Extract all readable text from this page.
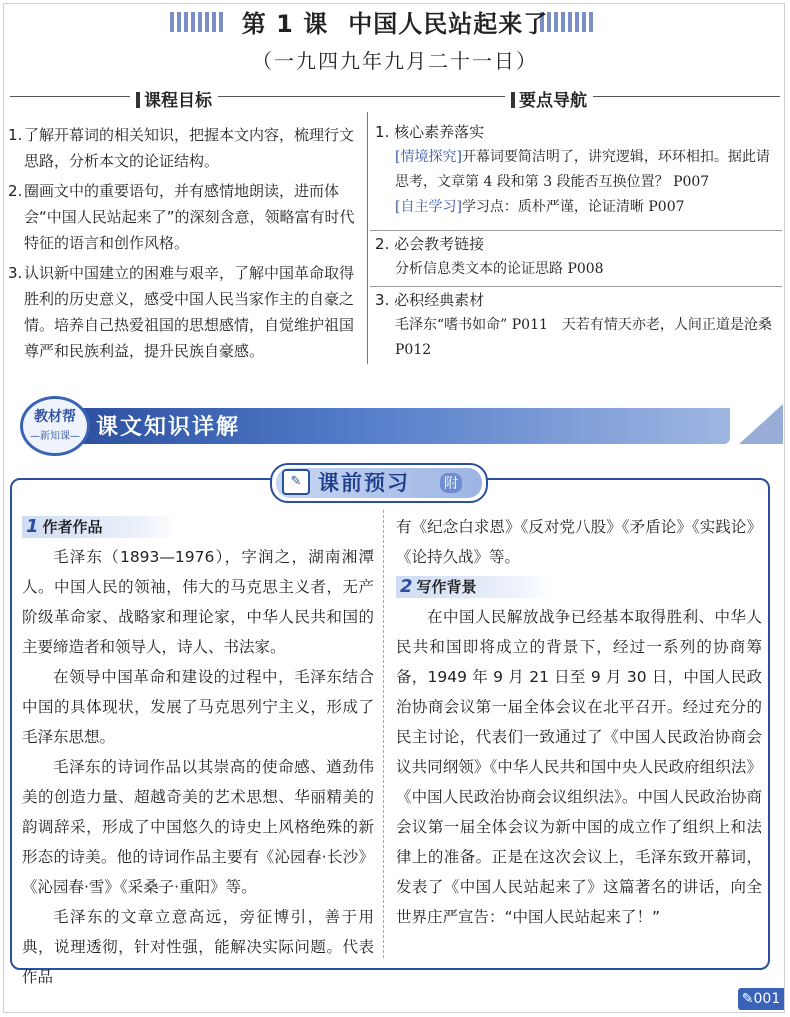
第 1 课 中国人民站起来了
（一九四九年九月二十一日）
课程目标	要点导航
1. 了解开幕词的相关知识，把握本文内容，梳理行文思路，分析本文的论证结构。
2. 圈画文中的重要语句，并有感情地朗读，进而体会“中国人民站起来了”的深刻含意，领略富有时代特征的语言和创作风格。
3. 认识新中国建立的困难与艰辛，了解中国革命取得胜利的历史意义，感受中国人民当家作主的自豪之情。培养自己热爱祖国的思想感情，自觉维护祖国尊严和民族利益，提升民族自豪感。
1. 核心素养落实
[情境探究]开幕词要简洁明了，讲究逻辑，环环相扣。据此请思考，文章第 4 段和第 3 段能否互换位置？ P007
[自主学习]学习点：质朴严谨，论证清晰 P007
2. 必会教考链接
分析信息类文本的论证思路 P008
3. 必积经典素材
毛泽东“嗜书如命” P011　天若有情天亦老，人间正道是沧桑 P012
课文知识详解
教材帮
—新知课—
✎ 课前预习 附
1 作者作品
毛泽东（1893—1976），字润之，湖南湘潭人。中国人民的领袖，伟大的马克思主义者，无产阶级革命家、战略家和理论家，中华人民共和国的主要缔造者和领导人，诗人、书法家。
在领导中国革命和建设的过程中，毛泽东结合中国的具体现状，发展了马克思列宁主义，形成了毛泽东思想。
毛泽东的诗词作品以其崇高的使命感、遒劲伟美的创造力量、超越奇美的艺术思想、华丽精美的韵调辞采，形成了中国悠久的诗史上风格绝殊的新形态的诗美。他的诗词作品主要有《沁园春·长沙》《沁园春·雪》《采桑子·重阳》等。
毛泽东的文章立意高远，旁征博引，善于用典，说理透彻，针对性强，能解决实际问题。代表作品
有《纪念白求恩》《反对党八股》《矛盾论》《实践论》《论持久战》等。
2 写作背景
在中国人民解放战争已经基本取得胜利、中华人民共和国即将成立的背景下，经过一系列的协商筹备，1949 年 9 月 21 日至 9 月 30 日，中国人民政治协商会议第一届全体会议在北平召开。经过充分的民主讨论，代表们一致通过了《中国人民政治协商会议共同纲领》《中华人民共和国中央人民政府组织法》《中国人民政治协商会议组织法》。中国人民政治协商会议第一届全体会议为新中国的成立作了组织上和法律上的准备。正是在这次会议上，毛泽东致开幕词，发表了《中国人民站起来了》这篇著名的讲话，向全世界庄严宣告：“中国人民站起来了！”
✎001
